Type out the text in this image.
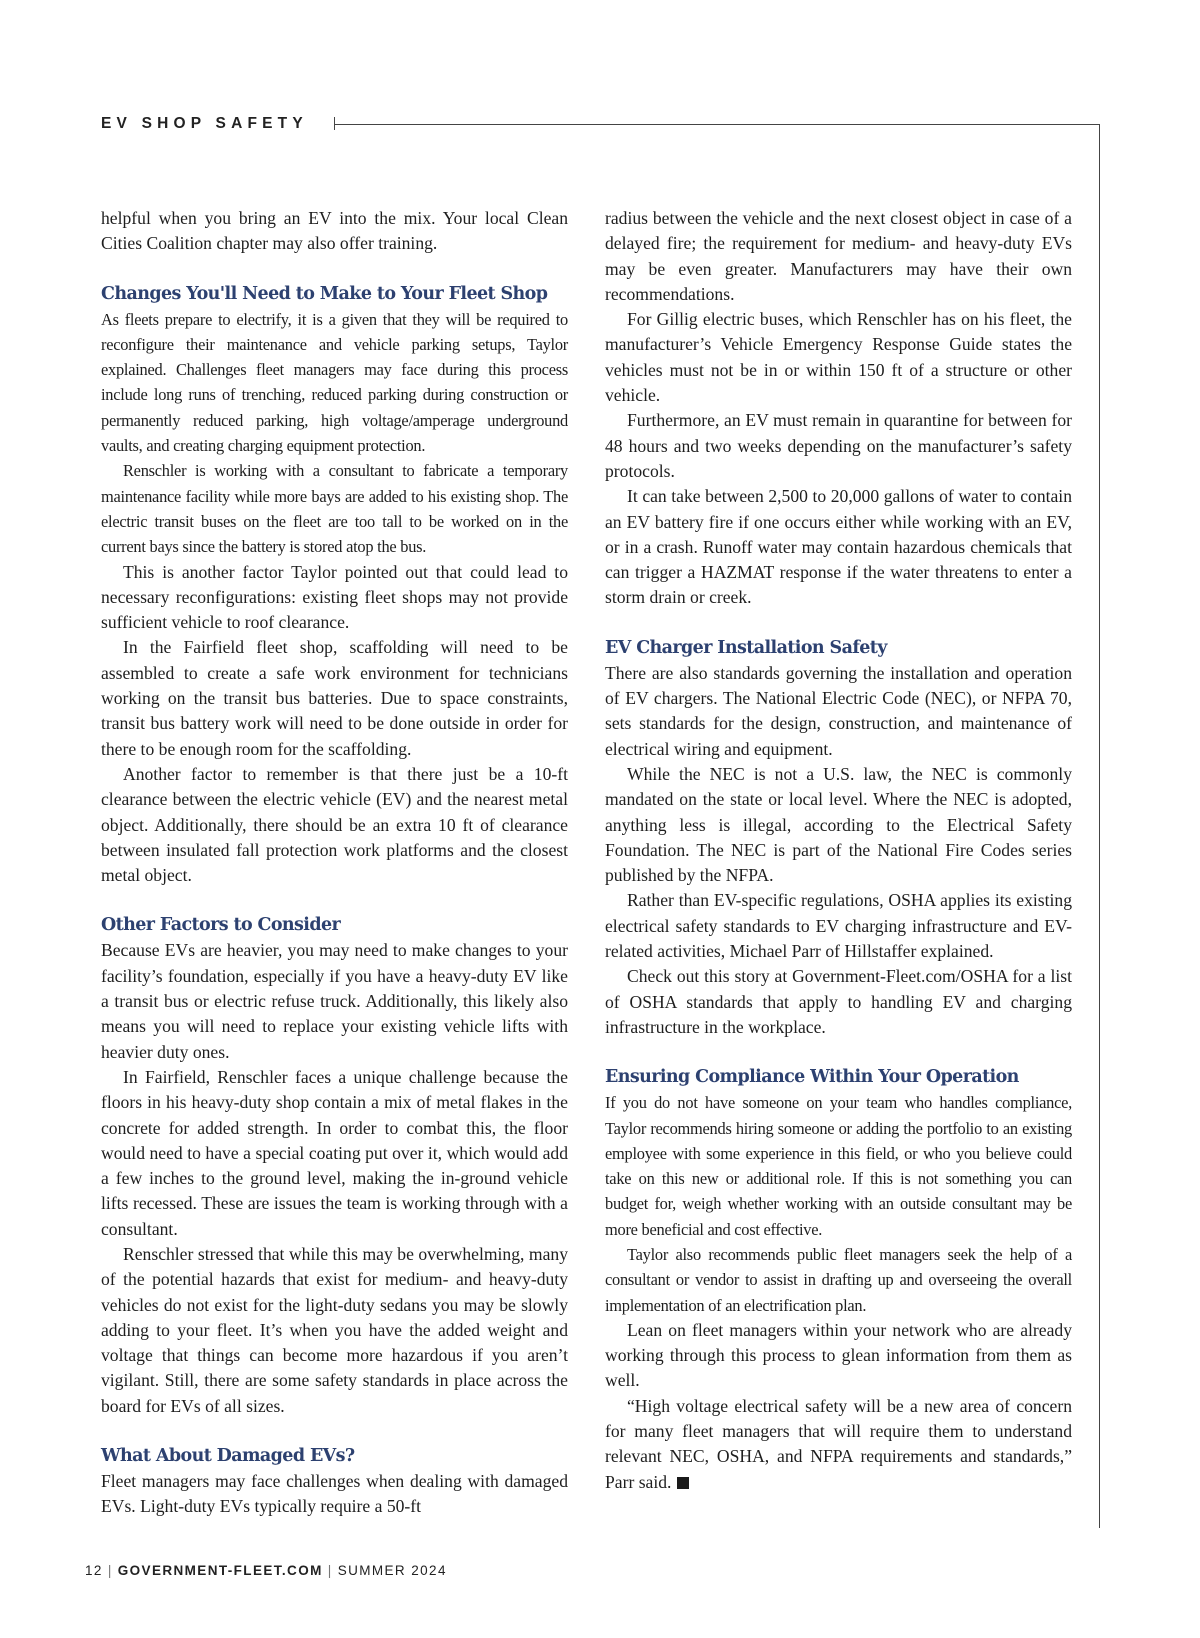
EV SHOP SAFETY

helpful when you bring an EV into the mix. Your local Clean Cities Coalition chapter may also offer training.

Changes You'll Need to Make to Your Fleet Shop

As fleets prepare to electrify, it is a given that they will be required to reconfigure their maintenance and vehicle parking setups, Taylor explained. Challenges fleet managers may face during this process include long runs of trenching, reduced parking during construction or permanently reduced parking, high voltage/amperage underground vaults, and creating charging equipment protection.

Renschler is working with a consultant to fabricate a temporary maintenance facility while more bays are added to his existing shop. The electric transit buses on the fleet are too tall to be worked on in the current bays since the battery is stored atop the bus.

This is another factor Taylor pointed out that could lead to necessary reconfigurations: existing fleet shops may not provide sufficient vehicle to roof clearance.

In the Fairfield fleet shop, scaffolding will need to be assembled to create a safe work environment for technicians working on the transit bus batteries. Due to space constraints, transit bus battery work will need to be done outside in order for there to be enough room for the scaffolding.

Another factor to remember is that there just be a 10-ft clearance between the electric vehicle (EV) and the nearest metal object. Additionally, there should be an extra 10 ft of clearance between insulated fall protection work platforms and the closest metal object.

Other Factors to Consider

Because EVs are heavier, you may need to make changes to your facility’s foundation, especially if you have a heavy-duty EV like a transit bus or electric refuse truck. Additionally, this likely also means you will need to replace your existing vehicle lifts with heavier duty ones.

In Fairfield, Renschler faces a unique challenge because the floors in his heavy-duty shop contain a mix of metal flakes in the concrete for added strength. In order to combat this, the floor would need to have a special coating put over it, which would add a few inches to the ground level, making the in-ground vehicle lifts recessed. These are issues the team is working through with a consultant.

Renschler stressed that while this may be overwhelming, many of the potential hazards that exist for medium- and heavy-duty vehicles do not exist for the light-duty sedans you may be slowly adding to your fleet. It’s when you have the added weight and voltage that things can become more hazardous if you aren’t vigilant. Still, there are some safety standards in place across the board for EVs of all sizes.

What About Damaged EVs?

Fleet managers may face challenges when dealing with damaged EVs. Light-duty EVs typically require a 50-ft

radius between the vehicle and the next closest object in case of a delayed fire; the requirement for medium- and heavy-duty EVs may be even greater. Manufacturers may have their own recommendations.

For Gillig electric buses, which Renschler has on his fleet, the manufacturer’s Vehicle Emergency Response Guide states the vehicles must not be in or within 150 ft of a structure or other vehicle.

Furthermore, an EV must remain in quarantine for between for 48 hours and two weeks depending on the manufacturer’s safety protocols.

It can take between 2,500 to 20,000 gallons of water to contain an EV battery fire if one occurs either while working with an EV, or in a crash. Runoff water may contain hazardous chemicals that can trigger a HAZMAT response if the water threatens to enter a storm drain or creek.

EV Charger Installation Safety

There are also standards governing the installation and operation of EV chargers. The National Electric Code (NEC), or NFPA 70, sets standards for the design, construction, and maintenance of electrical wiring and equipment.

While the NEC is not a U.S. law, the NEC is commonly mandated on the state or local level. Where the NEC is adopted, anything less is illegal, according to the Electrical Safety Foundation. The NEC is part of the National Fire Codes series published by the NFPA.

Rather than EV-specific regulations, OSHA applies its existing electrical safety standards to EV charging infrastructure and EV-related activities, Michael Parr of Hillstaffer explained.

Check out this story at Government-Fleet.com/OSHA for a list of OSHA standards that apply to handling EV and charging infrastructure in the workplace.

Ensuring Compliance Within Your Operation

If you do not have someone on your team who handles compliance, Taylor recommends hiring someone or adding the portfolio to an existing employee with some experience in this field, or who you believe could take on this new or additional role. If this is not something you can budget for, weigh whether working with an outside consultant may be more beneficial and cost effective.

Taylor also recommends public fleet managers seek the help of a consultant or vendor to assist in drafting up and overseeing the overall implementation of an electrification plan.

Lean on fleet managers within your network who are already working through this process to glean information from them as well.

“High voltage electrical safety will be a new area of concern for many fleet managers that will require them to understand relevant NEC, OSHA, and NFPA requirements and standards,” Parr said.

12 | GOVERNMENT-FLEET.COM | SUMMER 2024
